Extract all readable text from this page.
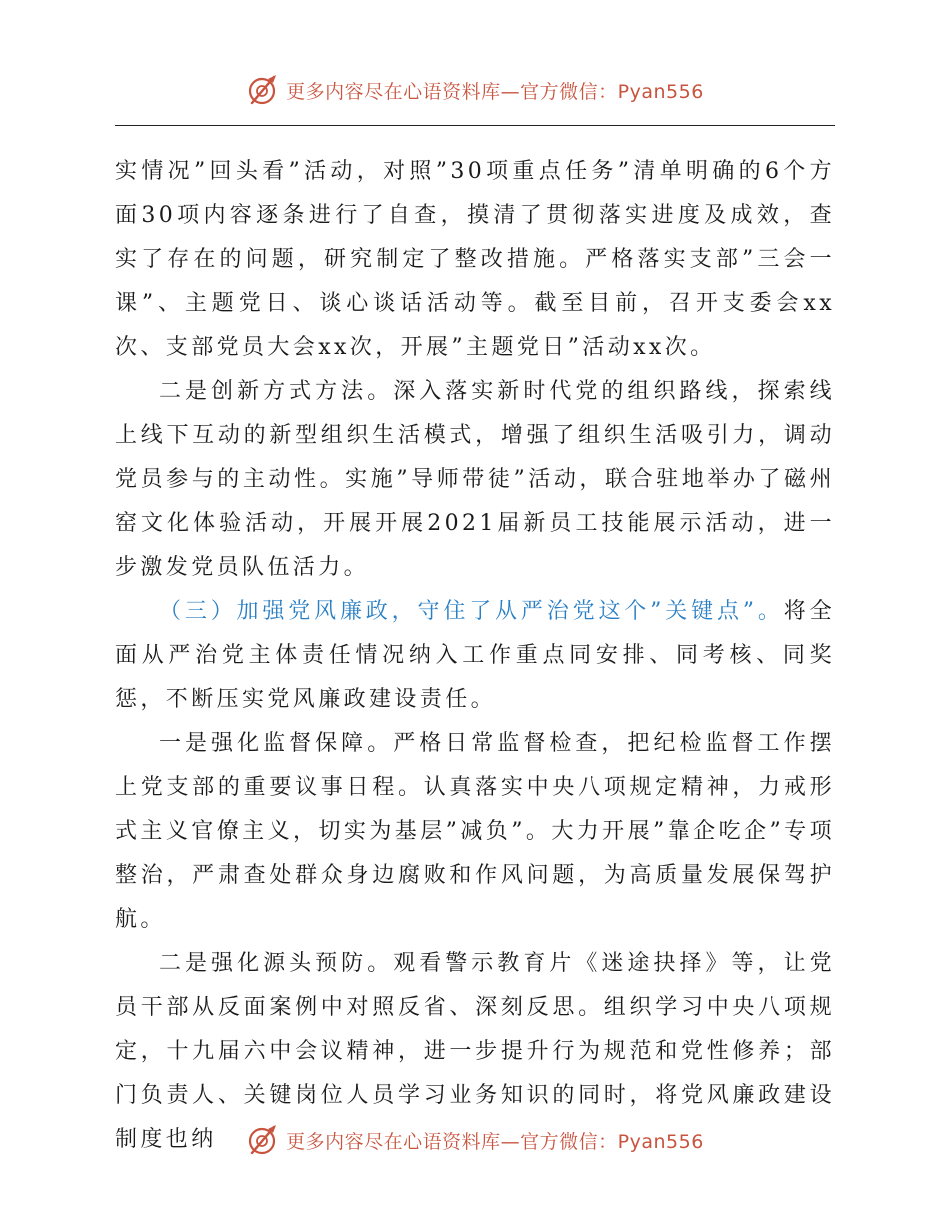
更多内容尽在心语资料库—官方微信：Pyan556

实情况”回头看”活动，对照”30项重点任务”清单明确的6个方面30项内容逐条进行了自查，摸清了贯彻落实进度及成效，查实了存在的问题，研究制定了整改措施。严格落实支部”三会一课”、主题党日、谈心谈话活动等。截至目前，召开支委会xx次、支部党员大会xx次，开展”主题党日”活动xx次。

二是创新方式方法。深入落实新时代党的组织路线，探索线上线下互动的新型组织生活模式，增强了组织生活吸引力，调动党员参与的主动性。实施”导师带徒”活动，联合驻地举办了磁州窑文化体验活动，开展开展2021届新员工技能展示活动，进一步激发党员队伍活力。

（三）加强党风廉政，守住了从严治党这个”关键点”。将全面从严治党主体责任情况纳入工作重点同安排、同考核、同奖惩，不断压实党风廉政建设责任。

一是强化监督保障。严格日常监督检查，把纪检监督工作摆上党支部的重要议事日程。认真落实中央八项规定精神，力戒形式主义官僚主义，切实为基层”减负”。大力开展”靠企吃企”专项整治，严肃查处群众身边腐败和作风问题，为高质量发展保驾护航。

二是强化源头预防。观看警示教育片《迷途抉择》等，让党员干部从反面案例中对照反省、深刻反思。组织学习中央八项规定，十九届六中会议精神，进一步提升行为规范和党性修养；部门负责人、关键岗位人员学习业务知识的同时，将党风廉政建设制度也纳	更多内容尽在心语资料库—官方微信：Pyan556
